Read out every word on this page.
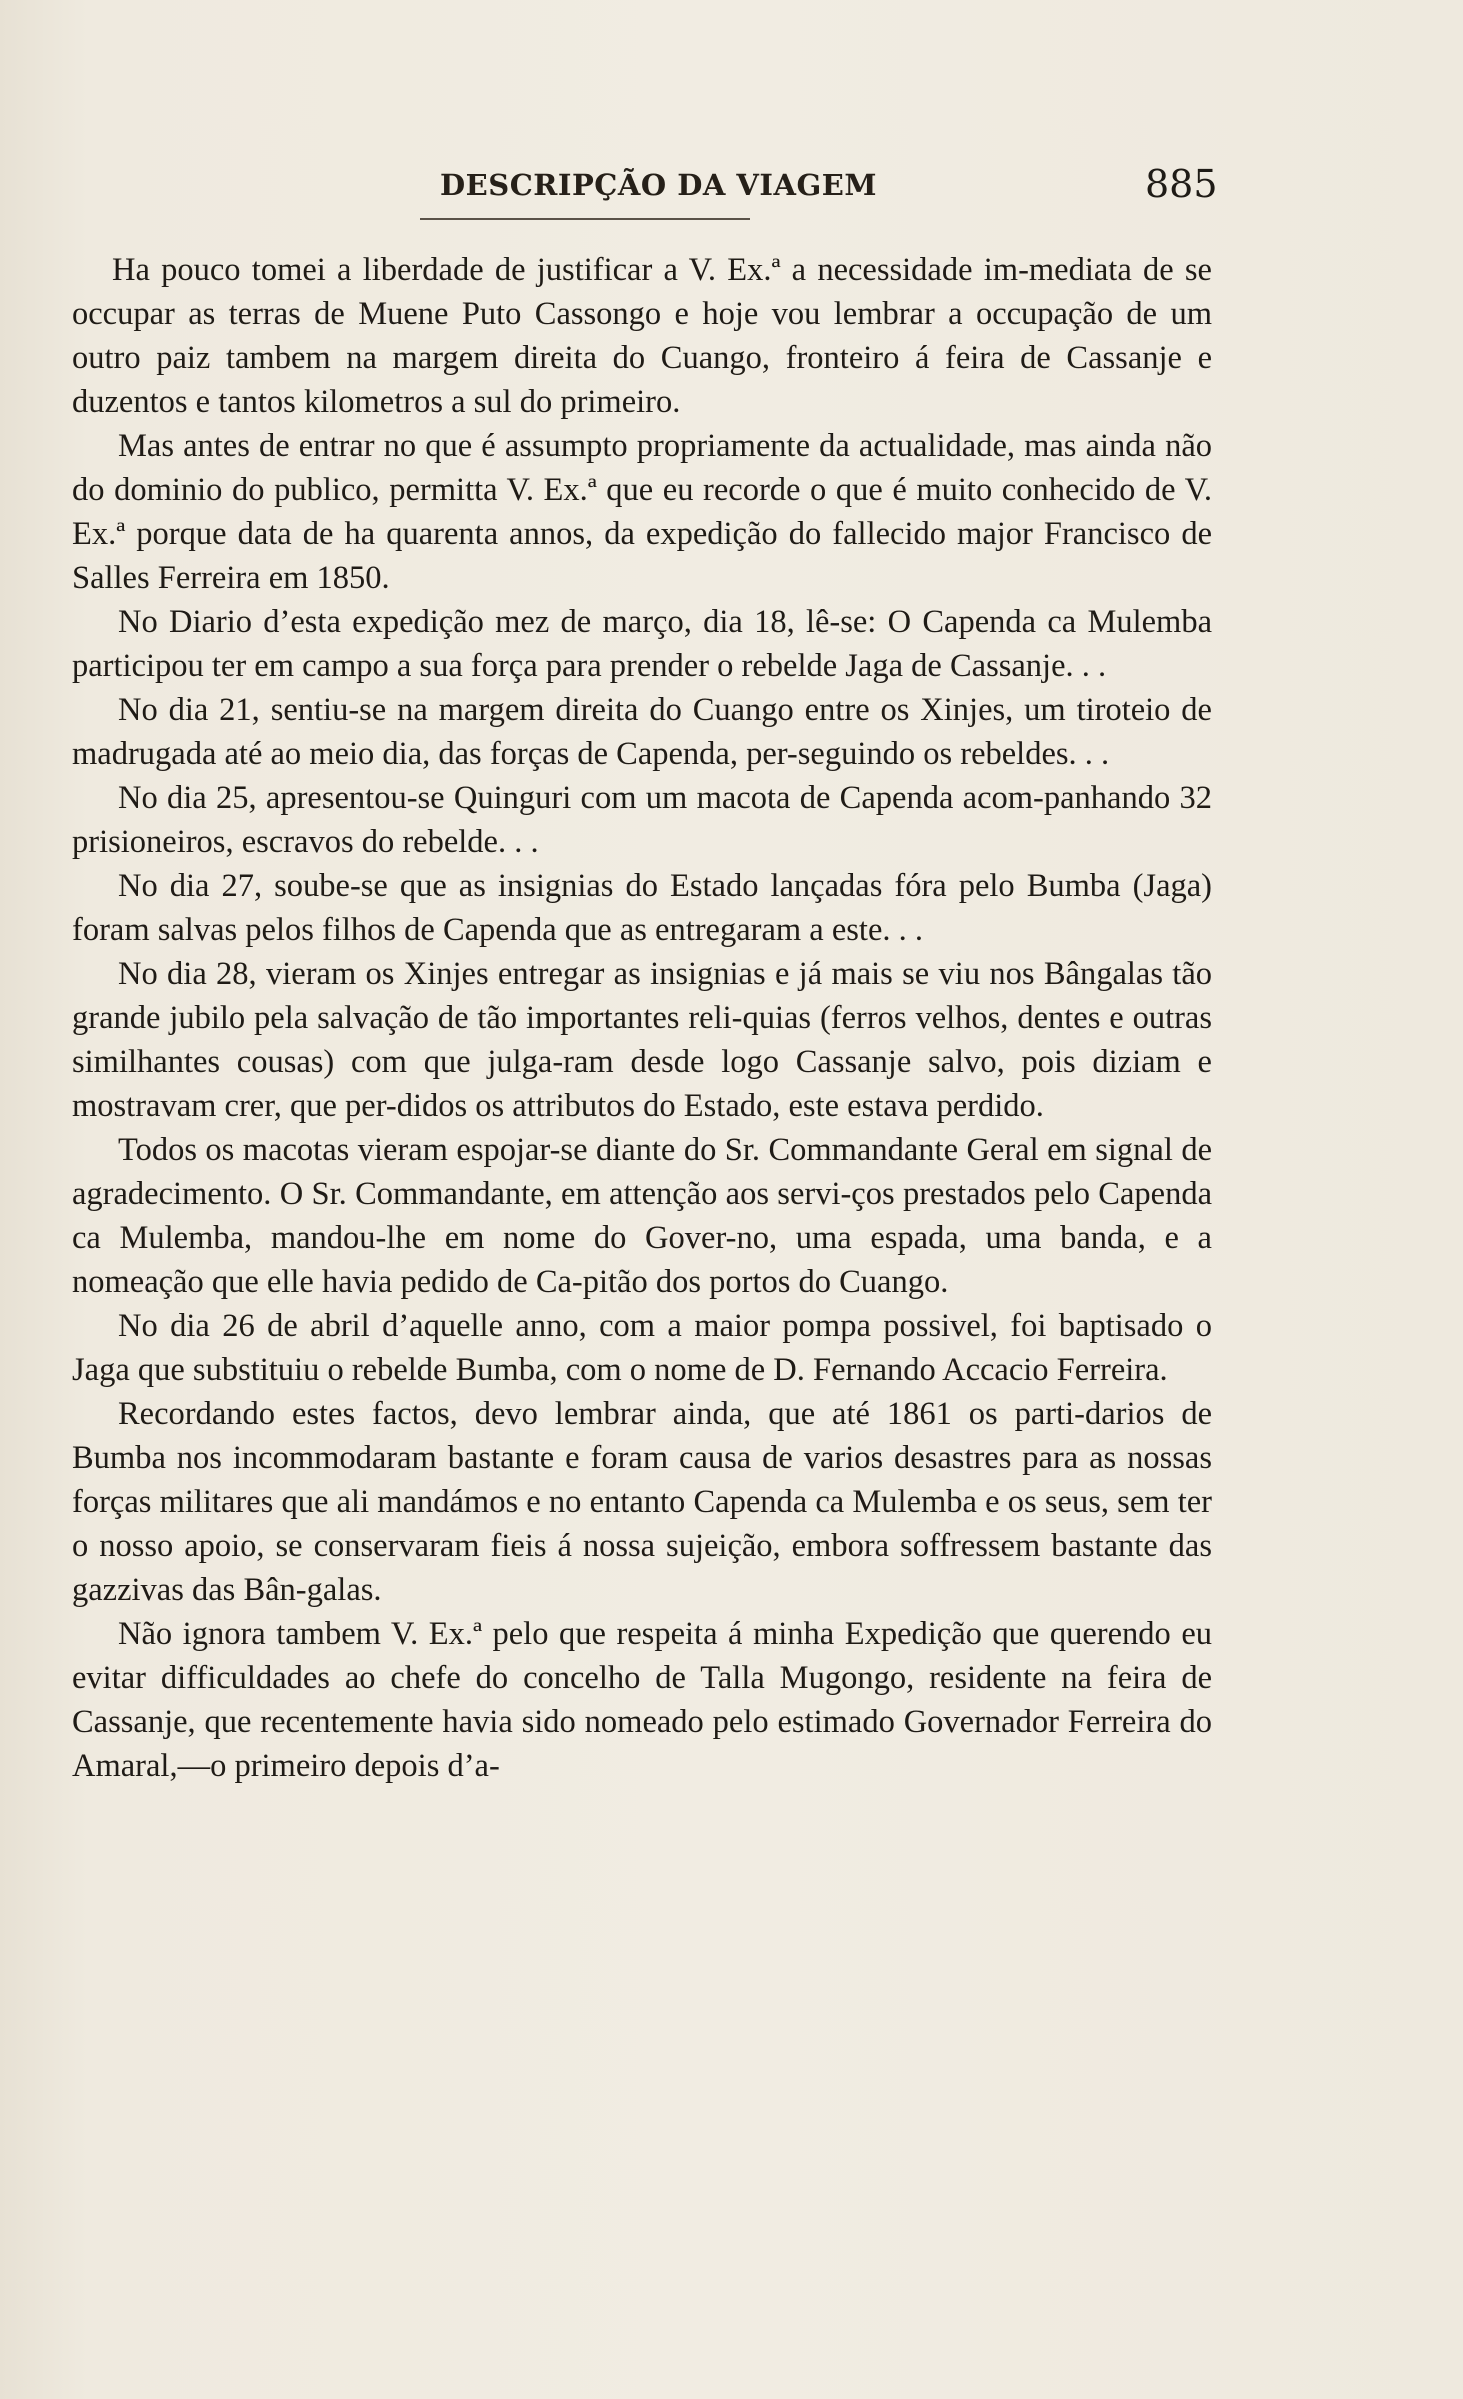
DESCRIPÇÃO DA VIAGEM	885

Ha pouco tomei a liberdade de justificar a V. Ex.ª a necessidade im-mediata de se occupar as terras de Muene Puto Cassongo e hoje vou lembrar a occupação de um outro paiz tambem na margem direita do Cuango, fronteiro á feira de Cassanje e duzentos e tantos kilometros a sul do primeiro.

Mas antes de entrar no que é assumpto propriamente da actualidade, mas ainda não do dominio do publico, permitta V. Ex.ª que eu recorde o que é muito conhecido de V. Ex.ª porque data de ha quarenta annos, da expedição do fallecido major Francisco de Salles Ferreira em 1850.

No Diario d’esta expedição mez de março, dia 18, lê-se: O Capenda ca Mulemba participou ter em campo a sua força para prender o rebelde Jaga de Cassanje. . .

No dia 21, sentiu-se na margem direita do Cuango entre os Xinjes, um tiroteio de madrugada até ao meio dia, das forças de Capenda, per-seguindo os rebeldes. . .

No dia 25, apresentou-se Quinguri com um macota de Capenda acom-panhando 32 prisioneiros, escravos do rebelde. . .

No dia 27, soube-se que as insignias do Estado lançadas fóra pelo Bumba (Jaga) foram salvas pelos filhos de Capenda que as entregaram a este. . .

No dia 28, vieram os Xinjes entregar as insignias e já mais se viu nos Bângalas tão grande jubilo pela salvação de tão importantes reli-quias (ferros velhos, dentes e outras similhantes cousas) com que julga-ram desde logo Cassanje salvo, pois diziam e mostravam crer, que per-didos os attributos do Estado, este estava perdido.

Todos os macotas vieram espojar-se diante do Sr. Commandante Geral em signal de agradecimento. O Sr. Commandante, em attenção aos servi-ços prestados pelo Capenda ca Mulemba, mandou-lhe em nome do Gover-no, uma espada, uma banda, e a nomeação que elle havia pedido de Ca-pitão dos portos do Cuango.

No dia 26 de abril d’aquelle anno, com a maior pompa possivel, foi baptisado o Jaga que substituiu o rebelde Bumba, com o nome de D. Fernando Accacio Ferreira.

Recordando estes factos, devo lembrar ainda, que até 1861 os parti-darios de Bumba nos incommodaram bastante e foram causa de varios desastres para as nossas forças militares que ali mandámos e no entanto Capenda ca Mulemba e os seus, sem ter o nosso apoio, se conservaram fieis á nossa sujeição, embora soffressem bastante das gazzivas das Bân-galas.

Não ignora tambem V. Ex.ª pelo que respeita á minha Expedição que querendo eu evitar difficuldades ao chefe do concelho de Talla Mugongo, residente na feira de Cassanje, que recentemente havia sido nomeado pelo estimado Governador Ferreira do Amaral,—o primeiro depois d’a-
